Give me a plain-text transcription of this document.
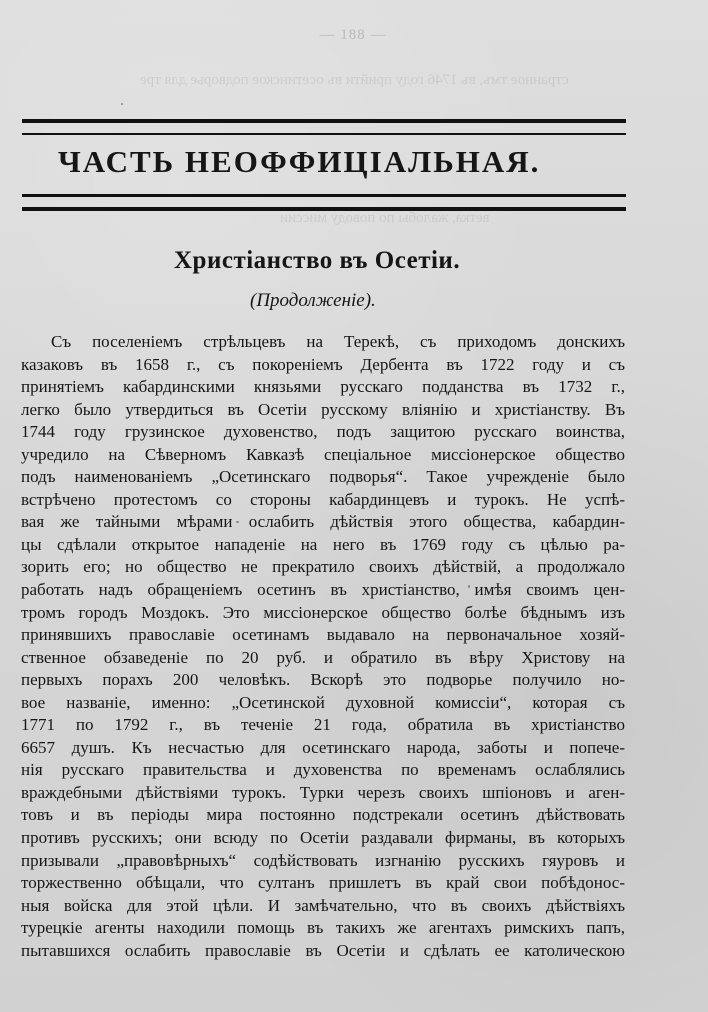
странное тмъ, въ 1746 году прийти въ осетинское подворье для тре
ветка, жалобы по поводу миссии
— 188 —
ЧАСТЬ НЕОФФИЦІАЛЬНАЯ.
Христіанство въ Осетіи.
(Продолженіе).
Съ поселеніемъ стрѣльцевъ на Терекѣ, съ приходомъ донскихъ
казаковъ въ 1658 г., съ покореніемъ Дербента въ 1722 году и съ
принятіемъ кабардинскими князьями русскаго подданства въ 1732 г.,
легко было утвердиться въ Осетіи русскому вліянію и христіанству. Въ
1744 году грузинское духовенство, подъ защитою русскаго воинства,
учредило на Сѣверномъ Кавказѣ спеціальное миссіонерское общество
подъ наименованіемъ „Осетинскаго подворья“. Такое учрежденіе было
встрѣчено протестомъ со стороны кабардинцевъ и турокъ. Не успѣ-
вая же тайными мѣрами ослабить дѣйствія этого общества, кабардин-
цы сдѣлали открытое нападеніе на него въ 1769 году съ цѣлью ра-
зорить его; но общество не прекратило своихъ дѣйствій, а продолжало
работать надъ обращеніемъ осетинъ въ христіанство, имѣя своимъ цен-
тромъ городъ Моздокъ. Это миссіонерское общество болѣе бѣднымъ изъ
принявшихъ православіе осетинамъ выдавало на первоначальное хозяй-
ственное обзаведеніе по 20 руб. и обратило въ вѣру Христову на
первыхъ порахъ 200 человѣкъ. Вскорѣ это подворье получило но-
вое названіе, именно: „Осетинской духовной комиссіи“, которая съ
1771 по 1792 г., въ теченіе 21 года, обратила въ христіанство
6657 душъ. Къ несчастью для осетинскаго народа, заботы и попече-
нія русскаго правительства и духовенства по временамъ ослаблялись
враждебными дѣйствіями турокъ. Турки черезъ своихъ шпіоновъ и аген-
товъ и въ періоды мира постоянно подстрекали осетинъ дѣйствовать
противъ русскихъ; они всюду по Осетіи раздавали фирманы, въ которыхъ
призывали „правовѣрныхъ“ содѣйствовать изгнанію русскихъ гяуровъ и
торжественно обѣщали, что султанъ пришлетъ въ край свои побѣдонос-
ныя войска для этой цѣли. И замѣчательно, что въ своихъ дѣйствіяхъ
турецкіе агенты находили помощь въ такихъ же агентахъ римскихъ папъ,
пытавшихся ослабить православіе въ Осетіи и сдѣлать ее католическою
